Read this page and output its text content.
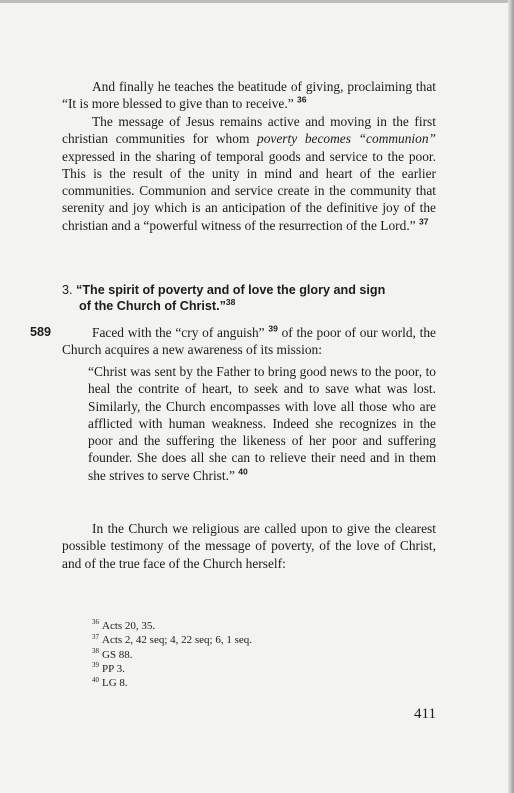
And finally he teaches the beatitude of giving, proclaiming that “It is more blessed to give than to receive.” $^{36}$

The message of Jesus remains active and moving in the first christian communities for whom poverty becomes “communion” expressed in the sharing of temporal goods and service to the poor. This is the result of the unity in mind and heart of the earlier communities. Communion and service create in the community that serenity and joy which is an anticipation of the definitive joy of the christian and a “powerful witness of the resurrection of the Lord.” $^{37}$

3. “The spirit of poverty and of love the glory and sign
of the Church of Christ.”$^{38}$
589	Faced with the “cry of anguish” $^{39}$ of the poor of our world, the Church acquires a new awareness of its mission:

“Christ was sent by the Father to bring good news to the poor, to heal the contrite of heart, to seek and to save what was lost. Similarly, the Church encompasses with love all those who are afflicted with human weakness. Indeed she recognizes in the poor and the suffering the likeness of her poor and suffering founder. She does all she can to relieve their need and in them she strives to serve Christ.” $^{40}$

In the Church we religious are called upon to give the clearest possible testimony of the message of poverty, of the love of Christ, and of the true face of the Church herself:

$^{36}$ Acts 20, 35.
$^{37}$ Acts 2, 42 seq; 4, 22 seq; 6, 1 seq.
$^{38}$ GS 88.
$^{39}$ PP 3.
$^{40}$ LG 8.
411
